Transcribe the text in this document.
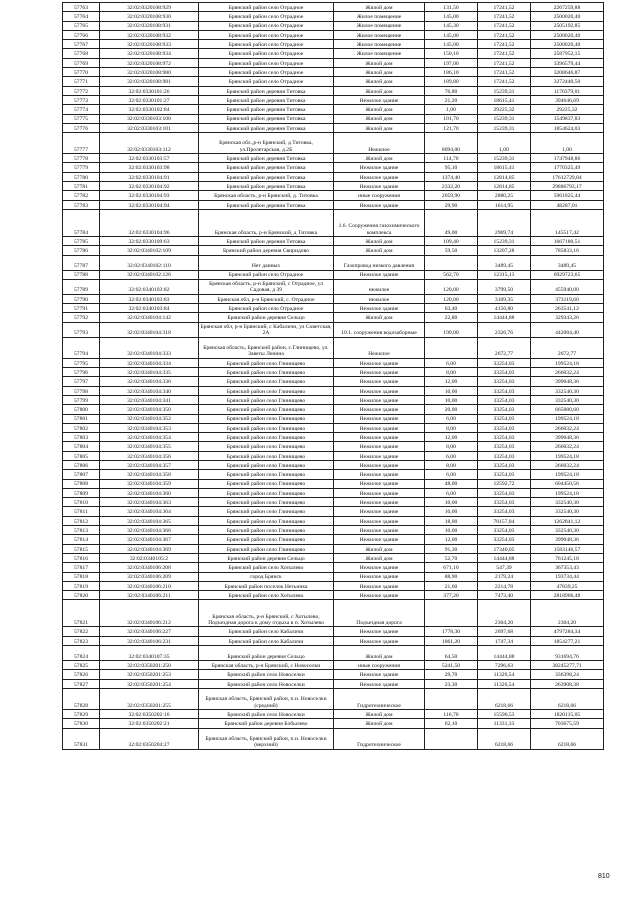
57763	32:02:0320108:929	Брянский район село Отрадное	Жилой дом	131,50	17241,52	2267259,88
57764	32:02:0320108:930	Брянский район село Отрадное	Жилое помещение	145,00	17241,52	2500020,40
57765	32:02:0320108:931	Брянский район село Отрадное	Жилое помещение	145,30	17241,52	2505192,85
57766	32:02:0320108:932	Брянский район село Отрадное	Жилое помещение	145,00	17241,52	2500020,40
57767	32:02:0320108:933	Брянский район село Отрадное	Жилое помещение	145,00	17241,52	2500020,40
57768	32:02:0320108:934	Брянский район село Отрадное	Жилое помещение	150,10	17241,52	2587952,15
57769	32:02:0320108:972	Брянский район село Отрадное	Жилой дом	197,00	17241,52	3396579,44
57770	32:02:0320108:980	Брянский район село Отрадное	Жилой дом	186,10	17241,52	3208646,87
57771	32:02:0320108:981	Брянский район село Отрадное	Жилой дом	189,80	17241,52	3272440,50
57772	32:02:0330101:26	Брянский район деревня Титовка	Жилой дом	76,80	15239,31	1170379,01
57773	32:02:0330101:27	Брянский район деревня Титовка	Нежилое здание	21,20	18615,41	394646,69
57774	32:02:0330102:84	Брянский район деревня Титовка	Жилой дом	1,00	29225,32	29225,32
57775	32:02:0330103:100	Брянский район деревня Титовка	Жилой дом	101,70	15239,31	1549837,83
57776	32:02:0330103:101	Брянский район деревня Титовка	Жилой дом	121,70	15239,31	1854624,03
57777	32:02:0330103:112	Брянская обл.,р-н Брянский, д.Титовка, ул.Пролетарская, д.2Б	Нежилое	8094,00	1,00	1,00
57778	32:02:0330103:57	Брянский район деревня Титовка	Жилой дом	114,70	15239,31	1747948,86
57779	32:02:0330103:98	Брянский район деревня Титовка	Нежилое здание	95,10	18615,41	1770325,49
57780	32:02:0330104:91	Брянский район деревня Титовка	Нежилое здание	1374,40	12814,85	17612729,84
57781	32:02:0330104:92	Брянский район деревня Титовка	Нежилое здание	2332,20	12814,85	29886793,17
57782	32:02:0330104:93	Брянская область, р-н Брянский, д. Титовка	иные сооружения	2059,90	2880,25	5961825,44
57783	32:02:0330104:94	Брянский район деревня Титовка	Нежилое здание	29,90	1614,95	48287,01
57784	32:02:0330104:96	Брянская область, р-н Брянский, д Титовка	1.6. Сооружения газохимического комплекса	49,00	2969,74	145517,42
57785	32:02:0330109:63	Брянский район деревня Титовка	Жилой дом	109,40	15239,31	1667180,51
57786	32:02:0340102:109	Брянский район деревня Свиридово	Жилой дом	59,50	13207,28	785833,16
57787	32:02:0340102:110	Нет данных	Газопровод низкого давления		3489,45	3489,45
57788	32:02:0340102:126	Брянский район село Отрадное	Нежилое здание	562,70	12315,13	6929723,65
57789	32:02:0340103:82	Брянская область, р-н Брянский, с Отрадное, ул Садовая, д 39	нежилое	120,00	3799,50	455940,00
57790	32:02:0340103:83	Брянская обл, р-н Брянский, с. Отрадное	нежилое	120,00	3109,35	373119,60
57791	32:02:0340103:84	Брянский район село Отрадное	Нежилое здание	63,40	4156,80	263541,12
57792	32:02:0340104:142	Брянский район деревня Сельцо	Жилой дом	22,80	14444,88	329343,26
57793	32:02:0340104:318	Брянская обл, р-н Брянский, с Кабаличи, ул Советская, 2А	10.1. сооружения водозаборные	190,00	2326,76	442084,40
57794	32:02:0340104:333	Брянская область, Брянский район, с.Глинищево, ул. Заветы Ленина	Нежилое		2672,77	2672,77
57795	32:02:0340104:334	Брянский район село Глинищево	Нежилое здание	6,00	33254,03	199524,18
57796	32:02:0340104:335	Брянский район село Глинищево	Нежилое здание	8,00	33254,03	266032,24
57797	32:02:0340104:336	Брянский район село Глинищево	Нежилое здание	12,00	33254,03	399048,36
57798	32:02:0340104:340	Брянский район село Глинищево	Нежилое здание	10,00	33254,03	332540,30
57799	32:02:0340104:341	Брянский район село Глинищево	Нежилое здание	10,00	33254,03	332540,30
57800	32:02:0340104:350	Брянский район село Глинищево	Нежилое здание	20,00	33254,03	665080,60
57801	32:02:0340104:352	Брянский район село Глинищево	Нежилое здание	6,00	33254,03	199524,18
57802	32:02:0340104:353	Брянский район село Глинищево	Нежилое здание	8,00	33254,03	266032,24
57803	32:02:0340104:354	Брянский район село Глинищево	Нежилое здание	12,00	33254,03	399048,36
57804	32:02:0340104:355	Брянский район село Глинищево	Нежилое здание	8,00	33254,03	266032,24
57805	32:02:0340104:356	Брянский район село Глинищево	Нежилое здание	6,00	33254,03	199524,18
57806	32:02:0340104:357	Брянский район село Глинищево	Нежилое здание	8,00	33254,03	266032,24
57807	32:02:0340104:358	Брянский район село Глинищево	Нежилое здание	6,00	33254,03	199524,18
57808	32:02:0340104:359	Брянский район село Глинищево	Нежилое здание	48,00	12592,72	604450,56
57809	32:02:0340104:360	Брянский район село Глинищево	Нежилое здание	6,00	33254,03	199524,18
57810	32:02:0340104:363	Брянский район село Глинищево	Нежилое здание	10,00	33254,03	332540,30
57811	32:02:0340104:364	Брянский район село Глинищево	Нежилое здание	10,00	33254,03	332540,30
57812	32:02:0340104:365	Брянский район село Глинищево	Нежилое здание	18,00	70157,84	1262841,12
57813	32:02:0340104:366	Брянский район село Глинищево	Нежилое здание	10,00	33254,03	332540,30
57814	32:02:0340104:367	Брянский район село Глинищево	Нежилое здание	12,00	33254,03	399048,36
57815	32:02:0340104:369	Брянский район село Глинищево	Жилой дом	91,30	17340,05	1583146,57
57816	32:02:0340105:2	Брянский район деревня Сельцо	Жилой дом	52,70	14444,88	761245,18
57817	32:02:0340106:208	Брянский район село Хотылево	Нежилое здание	671,10	547,39	367353,43
57818	32:02:0340106:209	город Брянск	Нежилое здание	88,90	2179,24	193734,44
57819	32:02:0340106:210	Брянский район поселок Нетьинка	Нежилое здание	21,60	2214,78	47839,25
57820	32:02:0340106:211	Брянский район село Хотылево	Нежилое здание	377,20	7473,40	2818966,48
57821	32:02:0340106:212	Брянская область, р-н Брянский, с Хотылево, Подъездная дорога к дому отдыха в п. Хотылево	Подъездная дорога		2304,20	2304,20
57822	32:02:0340106:227	Брянский район село Кабаличи	Нежилое здание	1778,30	2697,68	4797284,34
57823	32:02:0340106:231	Брянский район село Кабаличи	Нежилое здание	1061,20	1747,34	1854277,21
57824	32:02:0340107:35	Брянский район деревня Сельцо	Жилой дом	64,50	14444,88	931694,76
57825	32:02:0350201:250	Брянская область, р-н Брянский, с Новоселки	иные сооружения	5241,50	7296,63	38245277,71
57826	32:02:0350201:253	Брянский район село Новоселки	Нежилое здание	29,70	11326,54	336398,24
57827	32:02:0350201:254	Брянский район село Новоселки	Нежилое здание	23,30	11326,54	263908,38
57828	32:02:0350201:255	Брянская область, Брянский район, п.н. Новоселки (средний)	Гидротехническое		6218,66	6218,66
57829	32:02:0350202:16	Брянский район село Новоселки	Жилой дом	116,70	15596,53	1820115,05
57830	32:02:0350202:21	Брянский район деревня Бобылево	Жилой дом	62,10	11331,33	703675,59
57831	32:02:0350204:27	Брянская область, Брянский район, п.н. Новоселки (верхний)	Гидротехническое		6218,66	6218,66
810
